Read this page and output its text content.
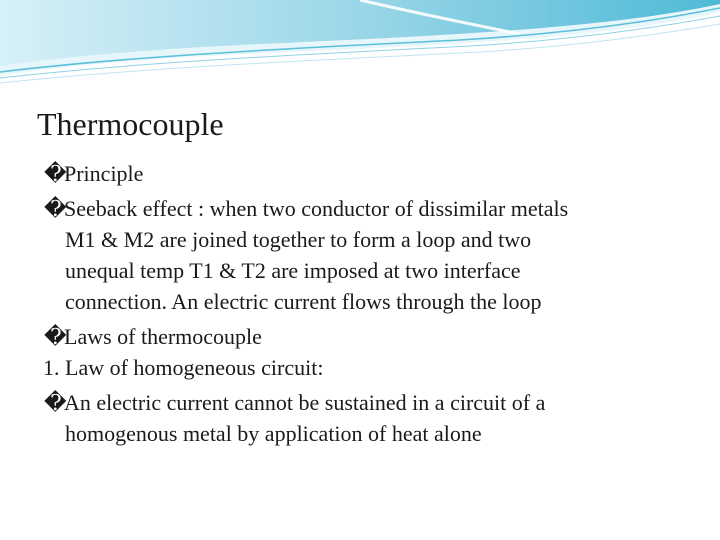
Thermocouple
�Principle
�Seeback effect : when two conductor of dissimilar metals
M1 & M2 are joined together to form a loop and two
unequal temp T1 & T2 are imposed at two interface
connection. An electric current flows through the loop
�Laws of thermocouple
1. Law of homogeneous circuit:
�An electric current cannot be sustained in a circuit of a
homogenous metal by application of heat alone
